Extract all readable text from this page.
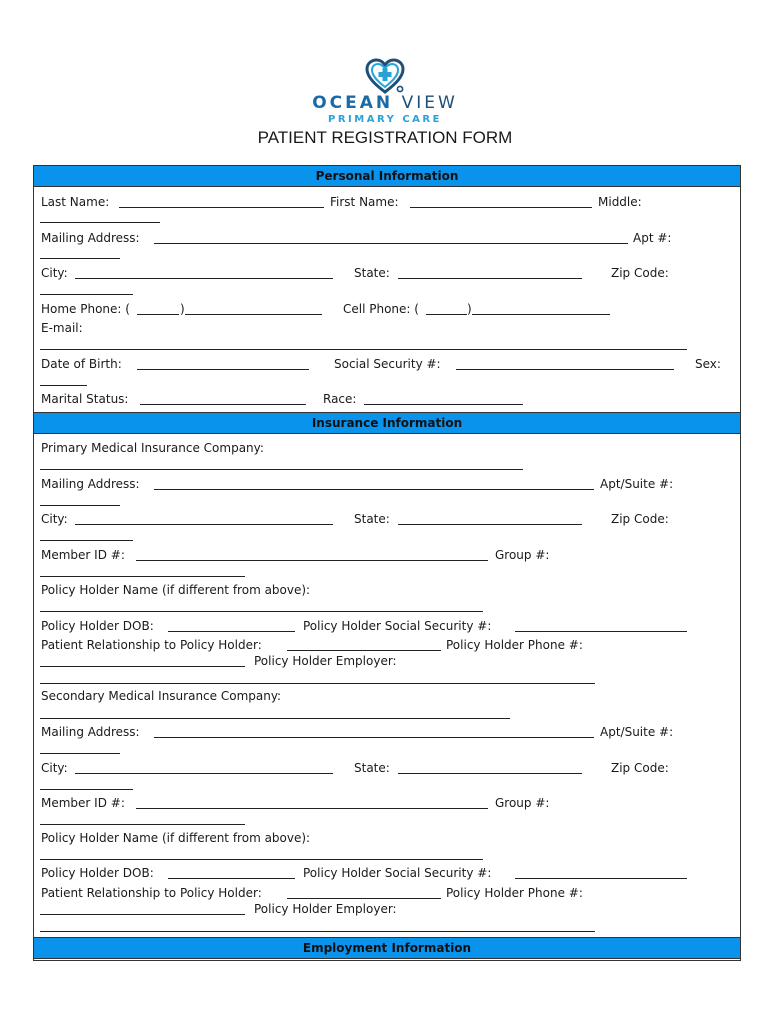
OCEAN VIEW
PRIMARY CARE
PATIENT REGISTRATION FORM
Personal Information
Insurance Information
Employment Information
Last Name:	First Name:	Middle:
Mailing Address:	Apt #:
City:	State:	Zip Code:
Home Phone: (	)	Cell Phone: (	)
E-mail:
Date of Birth:	Social Security #:	Sex:
Marital Status:	Race:
Primary Medical Insurance Company:
Mailing Address:	Apt/Suite #:
City:	State:	Zip Code:
Member ID #:	Group #:
Policy Holder Name (if different from above):
Policy Holder DOB:	Policy Holder Social Security #:
Patient Relationship to Policy Holder:	Policy Holder Phone #:
Policy Holder Employer:
Secondary Medical Insurance Company:
Mailing Address:	Apt/Suite #:
City:	State:	Zip Code:
Member ID #:	Group #:
Policy Holder Name (if different from above):
Policy Holder DOB:	Policy Holder Social Security #:
Patient Relationship to Policy Holder:	Policy Holder Phone #:
Policy Holder Employer:
